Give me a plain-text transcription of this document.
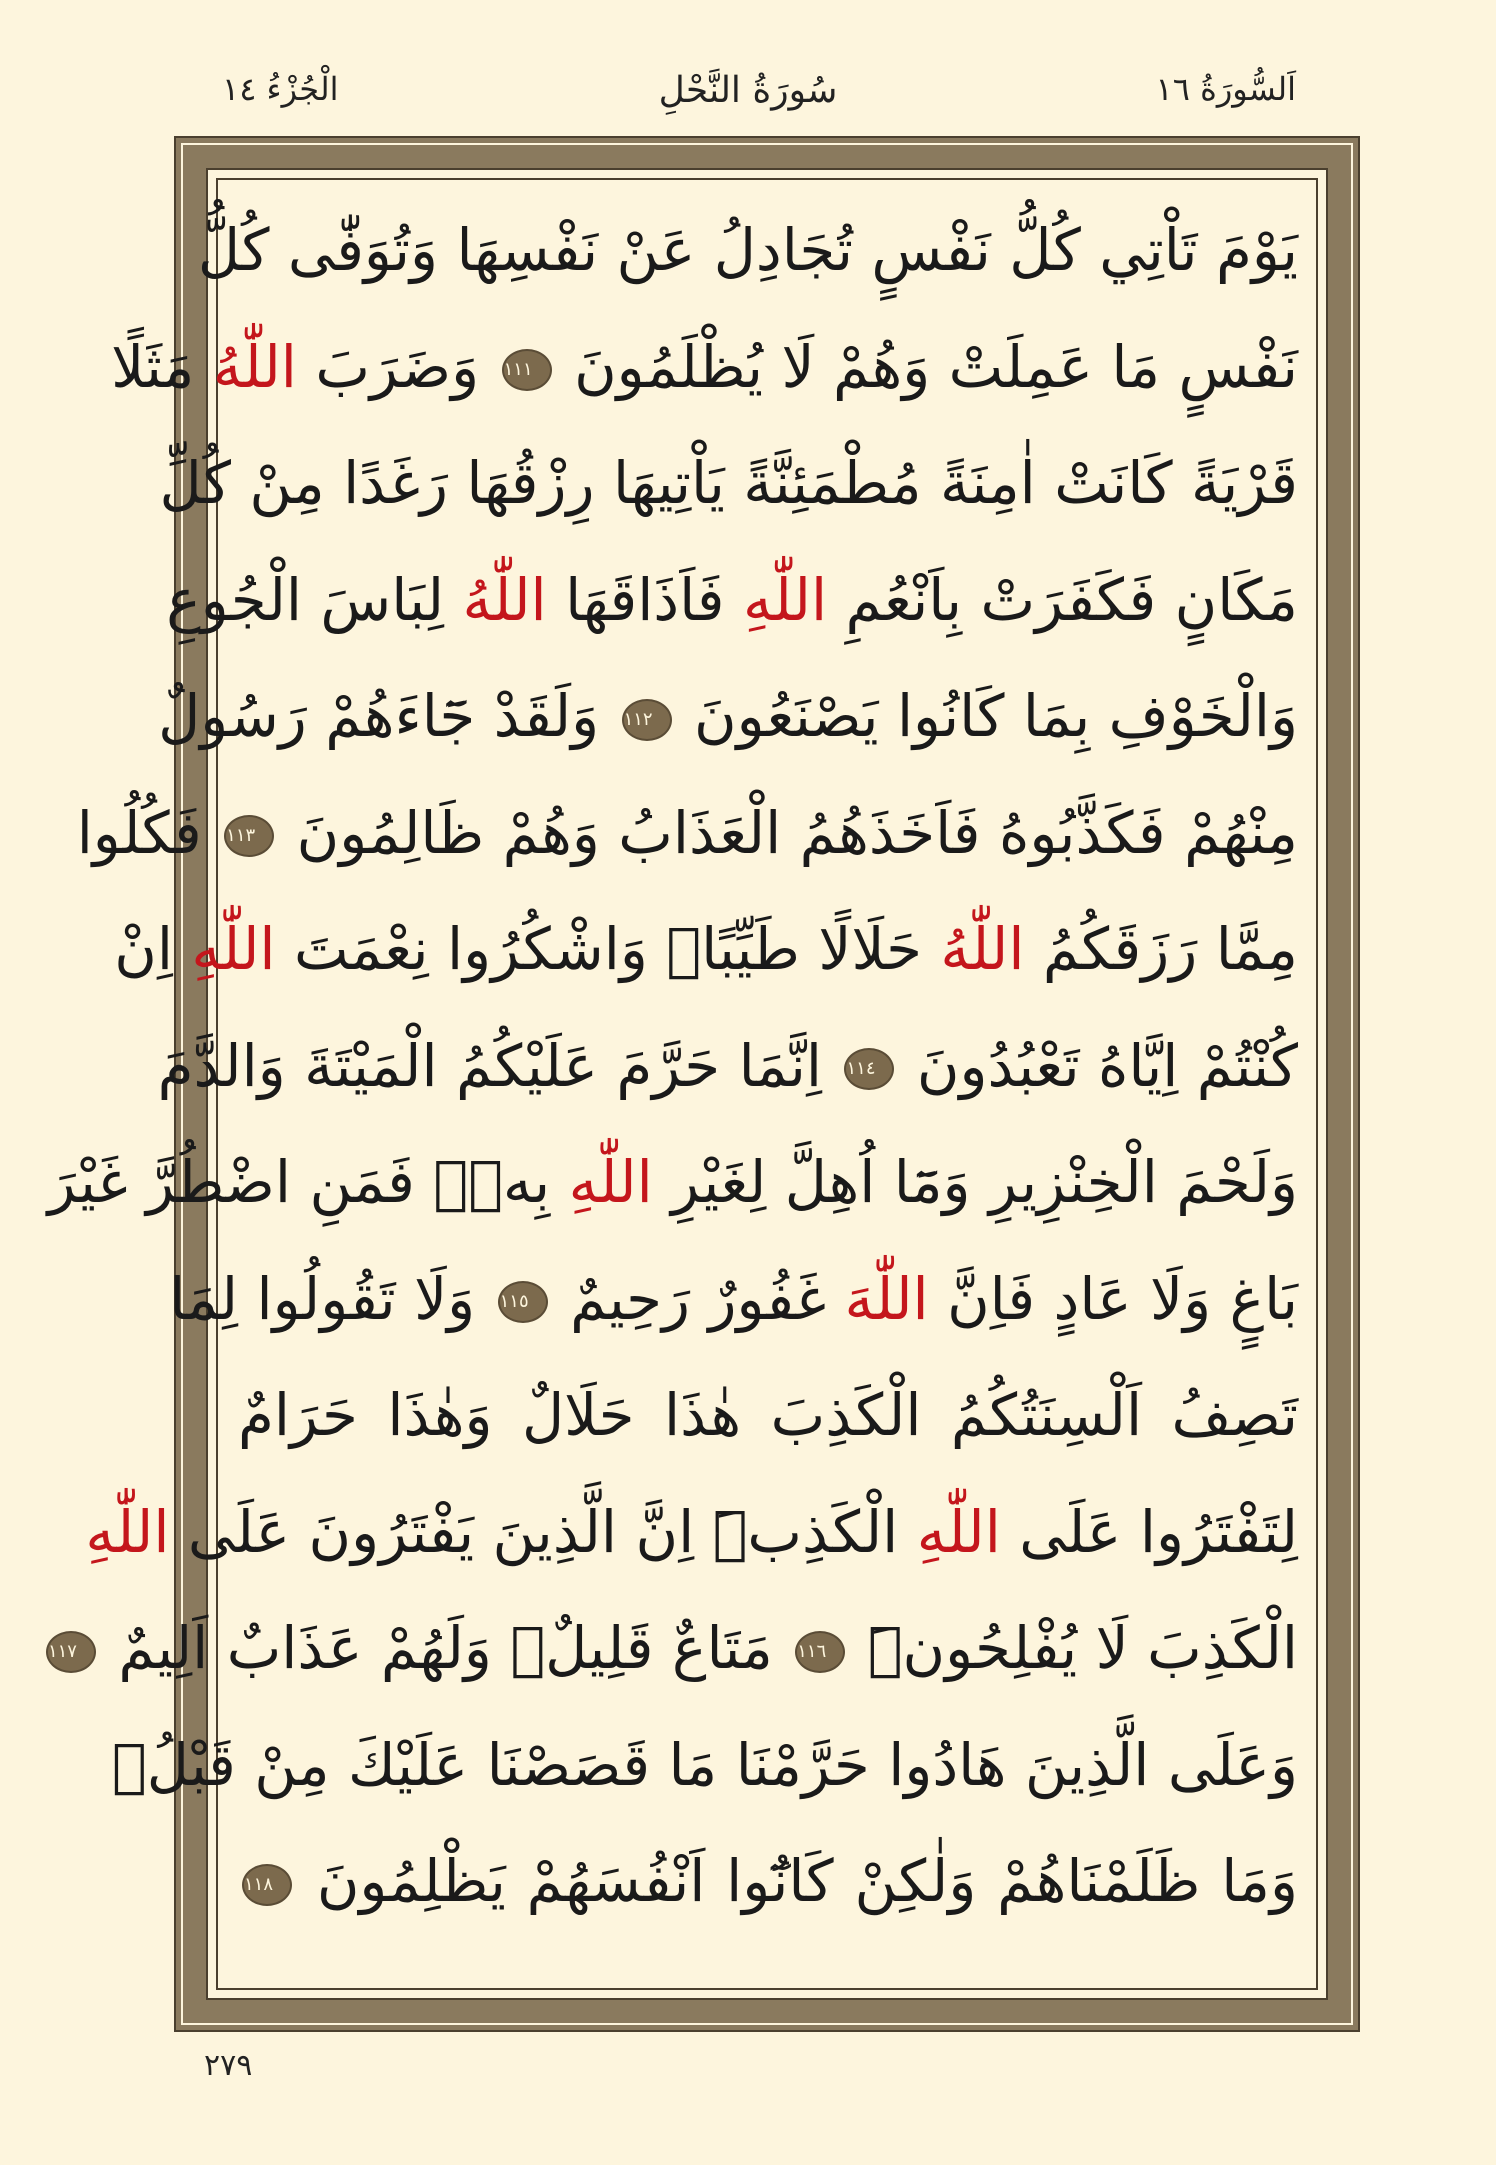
الْجُزْءُ ١٤	سُورَةُ النَّحْلِ	اَلسُّورَةُ ١٦
يَوْمَ تَاْتِي كُلُّ نَفْسٍ تُجَادِلُ عَنْ نَفْسِهَا وَتُوَفّٰى كُلُّ
نَفْسٍ مَا عَمِلَتْ وَهُمْ لَا يُظْلَمُونَ ١١١ وَضَرَبَ اللّٰهُ مَثَلًا
قَرْيَةً كَانَتْ اٰمِنَةً مُطْمَئِنَّةً يَاْتِيهَا رِزْقُهَا رَغَدًا مِنْ كُلِّ
مَكَانٍ فَكَفَرَتْ بِاَنْعُمِ اللّٰهِ فَاَذَاقَهَا اللّٰهُ لِبَاسَ الْجُوعِ
وَالْخَوْفِ بِمَا كَانُوا يَصْنَعُونَ ١١٢ وَلَقَدْ جَٓاءَهُمْ رَسُولٌ
مِنْهُمْ فَكَذَّبُوهُ فَاَخَذَهُمُ الْعَذَابُ وَهُمْ ظَالِمُونَ ١١٣ فَكُلُوا
مِمَّا رَزَقَكُمُ اللّٰهُ حَلَالًا طَيِّبًاۖ وَاشْكُرُوا نِعْمَتَ اللّٰهِ اِنْ
كُنْتُمْ اِيَّاهُ تَعْبُدُونَ ١١٤ اِنَّمَا حَرَّمَ عَلَيْكُمُ الْمَيْتَةَ وَالدَّمَ
وَلَحْمَ الْخِنْزِيرِ وَمَٓا اُهِلَّ لِغَيْرِ اللّٰهِ بِهٖۚ فَمَنِ اضْطُرَّ غَيْرَ
بَاغٍ وَلَا عَادٍ فَاِنَّ اللّٰهَ غَفُورٌ رَحِيمٌ ١١٥ وَلَا تَقُولُوا لِمَا
تَصِفُ اَلْسِنَتُكُمُ الْكَذِبَ هٰذَا حَلَالٌ وَهٰذَا حَرَامٌ
لِتَفْتَرُوا عَلَى اللّٰهِ الْكَذِبَۜ اِنَّ الَّذِينَ يَفْتَرُونَ عَلَى اللّٰهِ
الْكَذِبَ لَا يُفْلِحُونَۜ ١١٦ مَتَاعٌ قَلِيلٌۖ وَلَهُمْ عَذَابٌ اَلِيمٌ ١١٧
وَعَلَى الَّذِينَ هَادُوا حَرَّمْنَا مَا قَصَصْنَا عَلَيْكَ مِنْ قَبْلُۚ
وَمَا ظَلَمْنَاهُمْ وَلٰكِنْ كَانُٓوا اَنْفُسَهُمْ يَظْلِمُونَ ١١٨
٢٧٩
